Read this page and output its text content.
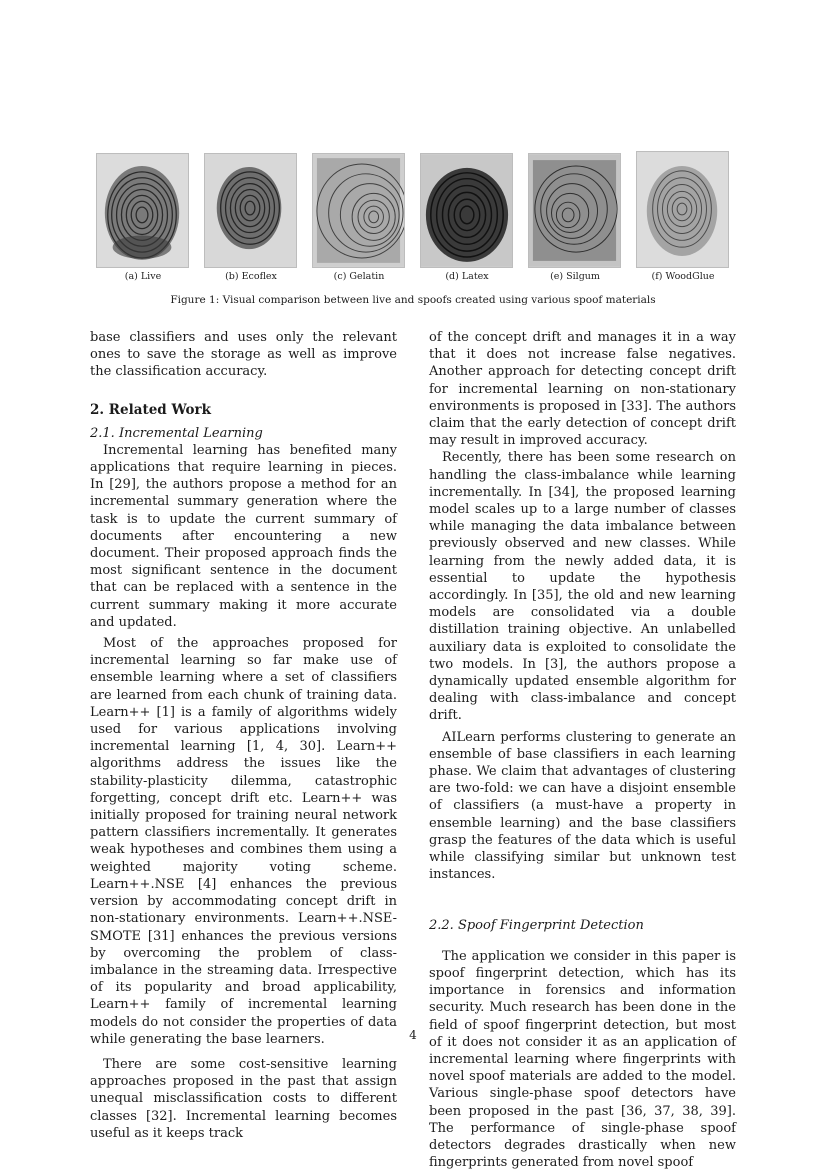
(a) Live	(b) Ecoflex	(c) Gelatin	(d) Latex	(e) Silgum	(f) WoodGlue
Figure 1: Visual comparison between live and spoofs created using various spoof materials

base classifiers and uses only the relevant ones to save the storage as well as improve the classification accuracy.

2. Related Work
2.1. Incremental Learning

Incremental learning has benefited many applications that require learning in pieces. In [29], the authors propose a method for an incremental summary generation where the task is to update the current summary of documents after encountering a new document. Their proposed approach finds the most significant sentence in the document that can be replaced with a sentence in the current summary making it more accurate and updated.

Most of the approaches proposed for incremental learning so far make use of ensemble learning where a set of classifiers are learned from each chunk of training data. Learn++ [1] is a family of algorithms widely used for various applications involving incremental learning [1, 4, 30]. Learn++ algorithms address the issues like the stability-plasticity dilemma, catastrophic forgetting, concept drift etc. Learn++ was initially proposed for training neural network pattern classifiers incrementally. It generates weak hypotheses and combines them using a weighted majority voting scheme. Learn++.NSE [4] enhances the previous version by accommodating concept drift in non-stationary environments. Learn++.NSE-SMOTE [31] enhances the previous versions by overcoming the problem of class-imbalance in the streaming data. Irrespective of its popularity and broad applicability, Learn++ family of incremental learning models do not consider the properties of data while generating the base learners.

There are some cost-sensitive learning approaches proposed in the past that assign unequal misclassification costs to different classes [32]. Incremental learning becomes useful as it keeps track

of the concept drift and manages it in a way that it does not increase false negatives. Another approach for detecting concept drift for incremental learning on non-stationary environments is proposed in [33]. The authors claim that the early detection of concept drift may result in improved accuracy.

Recently, there has been some research on handling the class-imbalance while learning incrementally. In [34], the proposed learning model scales up to a large number of classes while managing the data imbalance between previously observed and new classes. While learning from the newly added data, it is essential to update the hypothesis accordingly. In [35], the old and new learning models are consolidated via a double distillation training objective. An unlabelled auxiliary data is exploited to consolidate the two models. In [3], the authors propose a dynamically updated ensemble algorithm for dealing with class-imbalance and concept drift.

AILearn performs clustering to generate an ensemble of base classifiers in each learning phase. We claim that advantages of clustering are two-fold: we can have a disjoint ensemble of classifiers (a must-have a property in ensemble learning) and the base classifiers grasp the features of the data which is useful while classifying similar but unknown test instances.

2.2. Spoof Fingerprint Detection

The application we consider in this paper is spoof fingerprint detection, which has its importance in forensics and information security. Much research has been done in the field of spoof fingerprint detection, but most of it does not consider it as an application of incremental learning where fingerprints with novel spoof materials are added to the model. Various single-phase spoof detectors have been proposed in the past [36, 37, 38, 39]. The performance of single-phase spoof detectors degrades drastically when new fingerprints generated from novel spoof

4
